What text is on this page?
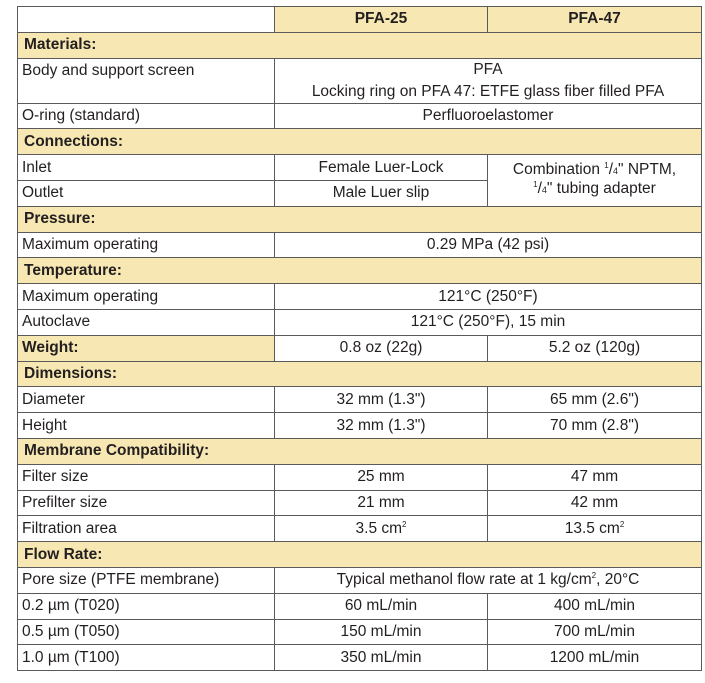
	PFA-25	PFA-47
Materials:		
Body and support screen	PFA
Locking ring on PFA 47: ETFE glass fiber filled PFA	

O-ring (standard)	Perfluoroelastomer	
Connections:		
Inlet	Female Luer-Lock	Combination $^1$/4" NPTM,
$^1$/4" tubing adapter

Outlet	Male Luer slip	
Pressure:		
Maximum operating	0.29 MPa (42 psi)	
Temperature:		
Maximum operating	121°C (250°F)	
Autoclave	121°C (250°F), 15 min	
Weight:	0.8 oz (22g)	5.2 oz (120g)
Dimensions:		
Diameter	32 mm (1.3")	65 mm (2.6")
Height	32 mm (1.3")	70 mm (2.8")
Membrane Compatibility:		
Filter size	25 mm	47 mm
Prefilter size	21 mm	42 mm
Filtration area	3.5 $cm^2$	13.5 $cm^2$
Flow Rate:		
Pore size (PTFE membrane)	Typical methanol flow rate at 1 $kg/cm^2$, 20°C	
0.2 µm (T020)	60 mL/min	400 mL/min
0.5 µm (T050)	150 mL/min	700 mL/min
1.0 µm (T100)	350 mL/min	1200 mL/min
